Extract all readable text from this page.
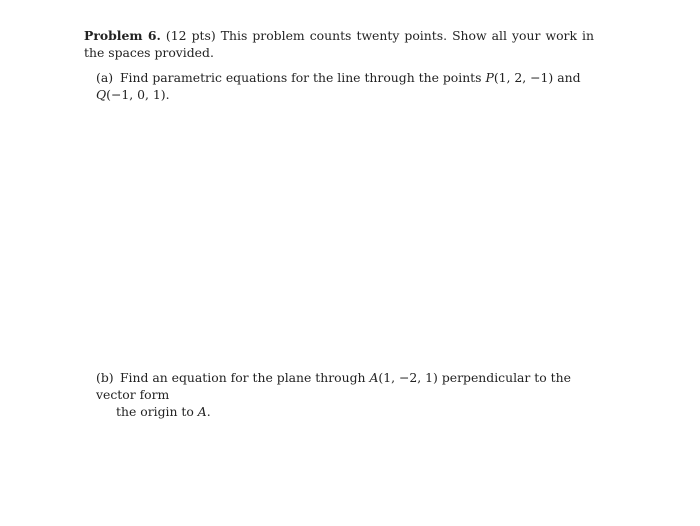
Problem 6. (12 pts) This problem counts twenty points. Show all your work in the spaces provided.
(a) Find parametric equations for the line through the points P(1, 2, −1) and Q(−1, 0, 1).
(b) Find an equation for the plane through A(1, −2, 1) perpendicular to the vector form
the origin to A.
